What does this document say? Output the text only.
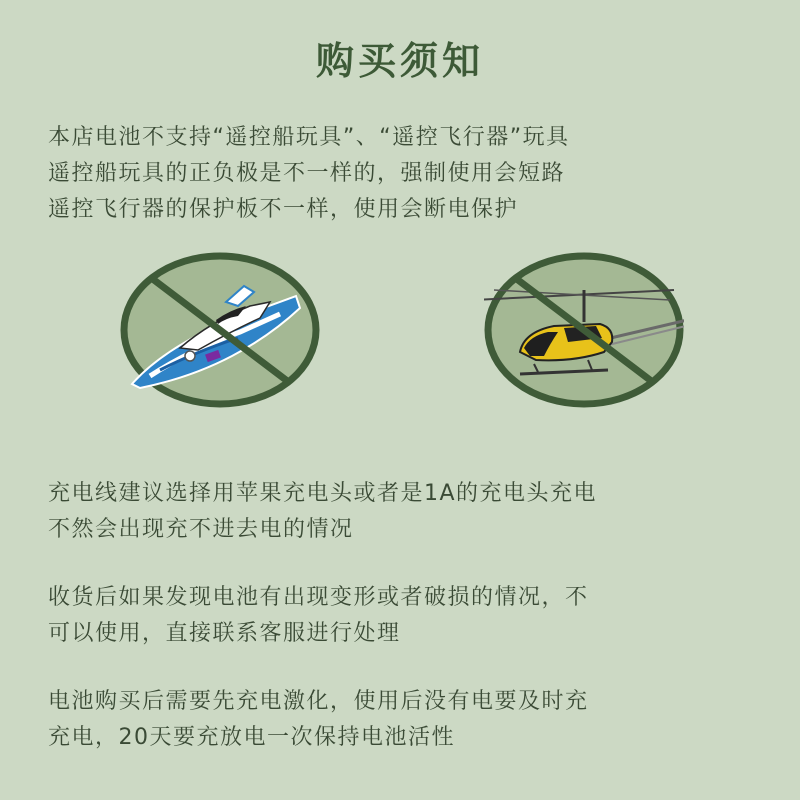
购买须知
本店电池不支持“遥控船玩具”、“遥控飞行器”玩具
遥控船玩具的正负极是不一样的，强制使用会短路
遥控飞行器的保护板不一样，使用会断电保护
充电线建议选择用苹果充电头或者是1A的充电头充电
不然会出现充不进去电的情况
收货后如果发现电池有出现变形或者破损的情况，不
可以使用，直接联系客服进行处理
电池购买后需要先充电激化，使用后没有电要及时充
充电，20天要充放电一次保持电池活性
